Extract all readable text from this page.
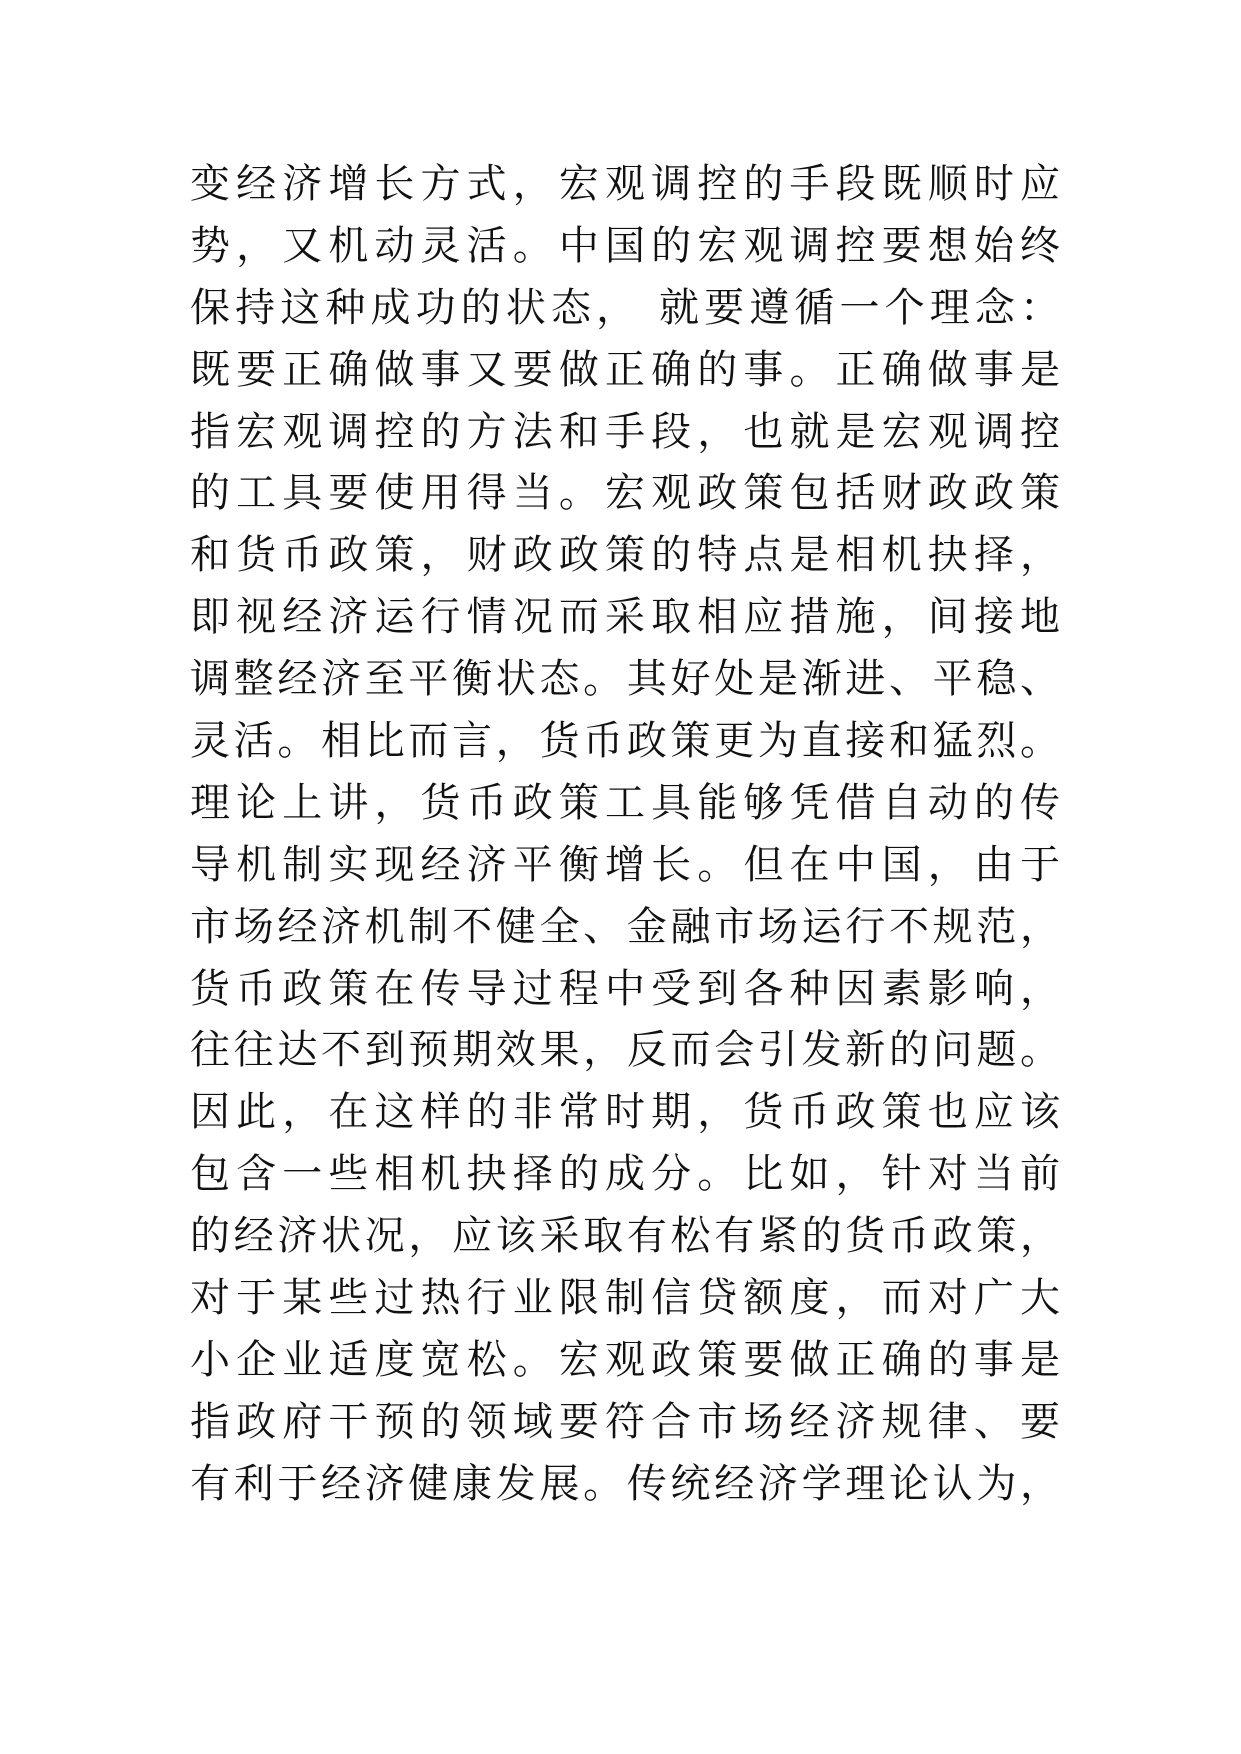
变经济增长方式，宏观调控的手段既顺时应
势，又机动灵活。中国的宏观调控要想始终
保持这种成功的状态， 就要遵循一个理念：
既要正确做事又要做正确的事。正确做事是
指宏观调控的方法和手段，也就是宏观调控
的工具要使用得当。宏观政策包括财政政策
和货币政策，财政政策的特点是相机抉择，
即视经济运行情况而采取相应措施，间接地
调整经济至平衡状态。其好处是渐进、平稳、
灵活。相比而言，货币政策更为直接和猛烈。
理论上讲，货币政策工具能够凭借自动的传
导机制实现经济平衡增长。但在中国，由于
市场经济机制不健全、金融市场运行不规范，
货币政策在传导过程中受到各种因素影响，
往往达不到预期效果，反而会引发新的问题。
因此，在这样的非常时期，货币政策也应该
包含一些相机抉择的成分。比如，针对当前
的经济状况，应该采取有松有紧的货币政策，
对于某些过热行业限制信贷额度，而对广大
小企业适度宽松。宏观政策要做正确的事是
指政府干预的领域要符合市场经济规律、要
有利于经济健康发展。传统经济学理论认为，
